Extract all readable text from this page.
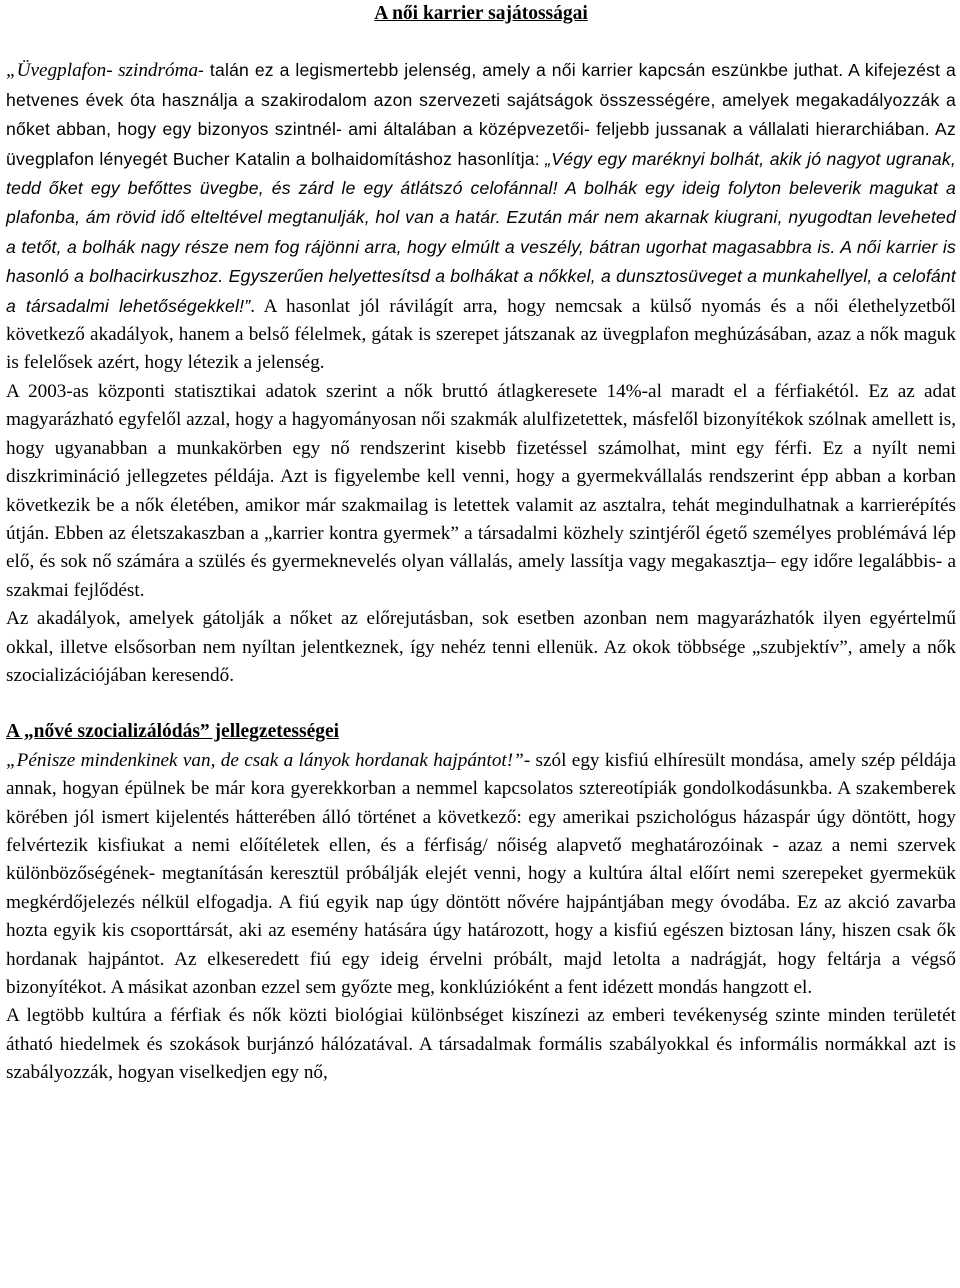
A női karrier sajátosságai

„Üvegplafon- szindróma- talán ez a legismertebb jelenség, amely a női karrier kapcsán eszünkbe juthat. A kifejezést a hetvenes évek óta használja a szakirodalom azon szervezeti sajátságok összességére, amelyek megakadályozzák a nőket abban, hogy egy bizonyos szintnél- ami általában a középvezetői- feljebb jussanak a vállalati hierarchiában. Az üvegplafon lényegét Bucher Katalin a bolhaidomításhoz hasonlítja: „Végy egy maréknyi bolhát, akik jó nagyot ugranak, tedd őket egy befőttes üvegbe, és zárd le egy átlátszó celofánnal! A bolhák egy ideig folyton beleverik magukat a plafonba, ám rövid idő elteltével megtanulják, hol van a határ. Ezután már nem akarnak kiugrani, nyugodtan leveheted a tetőt, a bolhák nagy része nem fog rájönni arra, hogy elmúlt a veszély, bátran ugorhat magasabbra is. A női karrier is hasonló a bolhacirkuszhoz. Egyszerűen helyettesítsd a bolhákat a nőkkel, a dunsztosüveget a munkahellyel, a celofánt a társadalmi lehetőségekkel!”. A hasonlat jól rávilágít arra, hogy nemcsak a külső nyomás és a női élethelyzetből következő akadályok, hanem a belső félelmek, gátak is szerepet játszanak az üvegplafon meghúzásában, azaz a nők maguk is felelősek azért, hogy létezik a jelenség.

A 2003-as központi statisztikai adatok szerint a nők bruttó átlagkeresete 14%-al maradt el a férfiakétól. Ez az adat magyarázható egyfelől azzal, hogy a hagyományosan női szakmák alulfizetettek, másfelől bizonyítékok szólnak amellett is, hogy ugyanabban a munkakörben egy nő rendszerint kisebb fizetéssel számolhat, mint egy férfi. Ez a nyílt nemi diszkrimináció jellegzetes példája. Azt is figyelembe kell venni, hogy a gyermekvállalás rendszerint épp abban a korban következik be a nők életében, amikor már szakmailag is letettek valamit az asztalra, tehát megindulhatnak a karrierépítés útján. Ebben az életszakaszban a „karrier kontra gyermek” a társadalmi közhely szintjéről égető személyes problémává lép elő, és sok nő számára a szülés és gyermeknevelés olyan vállalás, amely lassítja vagy megakasztja– egy időre legalábbis- a szakmai fejlődést.

Az akadályok, amelyek gátolják a nőket az előrejutásban, sok esetben azonban nem magyarázhatók ilyen egyértelmű okkal, illetve elsősorban nem nyíltan jelentkeznek, így nehéz tenni ellenük. Az okok többsége „szubjektív”, amely a nők szocializációjában keresendő.

A „nővé szocializálódás” jellegzetességei

„Pénisze mindenkinek van, de csak a lányok hordanak hajpántot!”- szól egy kisfiú elhíresült mondása, amely szép példája annak, hogyan épülnek be már kora gyerekkorban a nemmel kapcsolatos sztereotípiák gondolkodásunkba. A szakemberek körében jól ismert kijelentés hátterében álló történet a következő: egy amerikai pszichológus házaspár úgy döntött, hogy felvértezik kisfiukat a nemi előítéletek ellen, és a férfiság/ nőiség alapvető meghatározóinak - azaz a nemi szervek különbözőségének- megtanításán keresztül próbálják elejét venni, hogy a kultúra által előírt nemi szerepeket gyermekük megkérdőjelezés nélkül elfogadja. A fiú egyik nap úgy döntött nővére hajpántjában megy óvodába. Ez az akció zavarba hozta egyik kis csoporttársát, aki az esemény hatására úgy határozott, hogy a kisfiú egészen biztosan lány, hiszen csak ők hordanak hajpántot. Az elkeseredett fiú egy ideig érvelni próbált, majd letolta a nadrágját, hogy feltárja a végső bizonyítékot. A másikat azonban ezzel sem győzte meg, konklúzióként a fent idézett mondás hangzott el.

A legtöbb kultúra a férfiak és nők közti biológiai különbséget kiszínezi az emberi tevékenység szinte minden területét átható hiedelmek és szokások burjánzó hálózatával. A társadalmak formális szabályokkal és informális normákkal azt is szabályozzák, hogyan viselkedjen egy nő,
